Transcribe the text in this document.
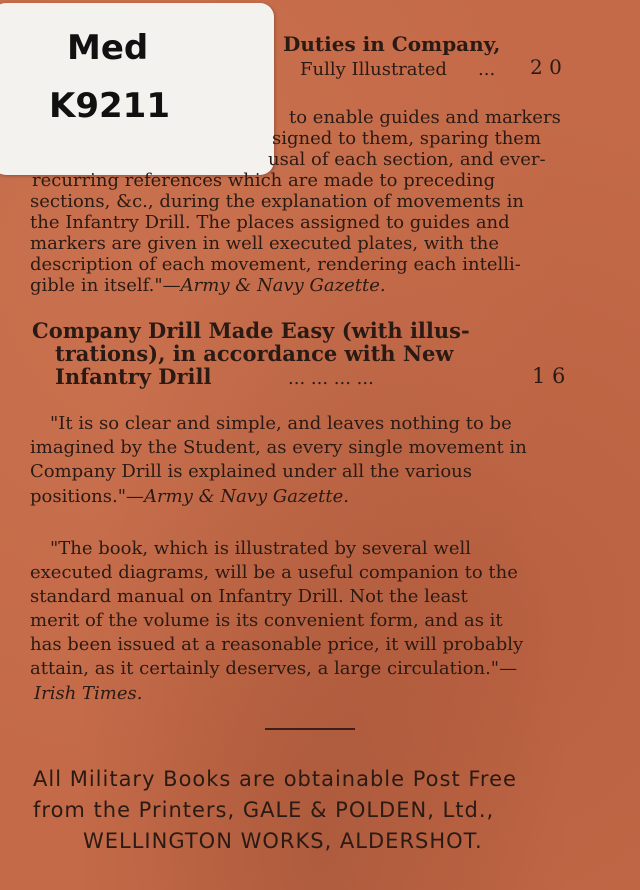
Med
K9211
Duties in Company,
Fully Illustrated ... 2 0
to enable guides and markers
signed to them, sparing them
usal of each section, and ever-
recurring references which are made to preceding
sections, &c., during the explanation of movements in
the Infantry Drill. The places assigned to guides and
markers are given in well executed plates, with the
description of each movement, rendering each intelli-
gible in itself."—Army & Navy Gazette.
Company Drill Made Easy (with illus-
trations), in accordance with New
Infantry Drill	... ... ... ...	1 6
"It is so clear and simple, and leaves nothing to be
imagined by the Student, as every single movement in
Company Drill is explained under all the various
positions."—Army & Navy Gazette.
"The book, which is illustrated by several well
executed diagrams, will be a useful companion to the
standard manual on Infantry Drill. Not the least
merit of the volume is its convenient form, and as it
has been issued at a reasonable price, it will probably
attain, as it certainly deserves, a large circulation."—
Irish Times.
All Military Books are obtainable Post Free
from the Printers, GALE & POLDEN, Ltd.,
WELLINGTON WORKS, ALDERSHOT.
